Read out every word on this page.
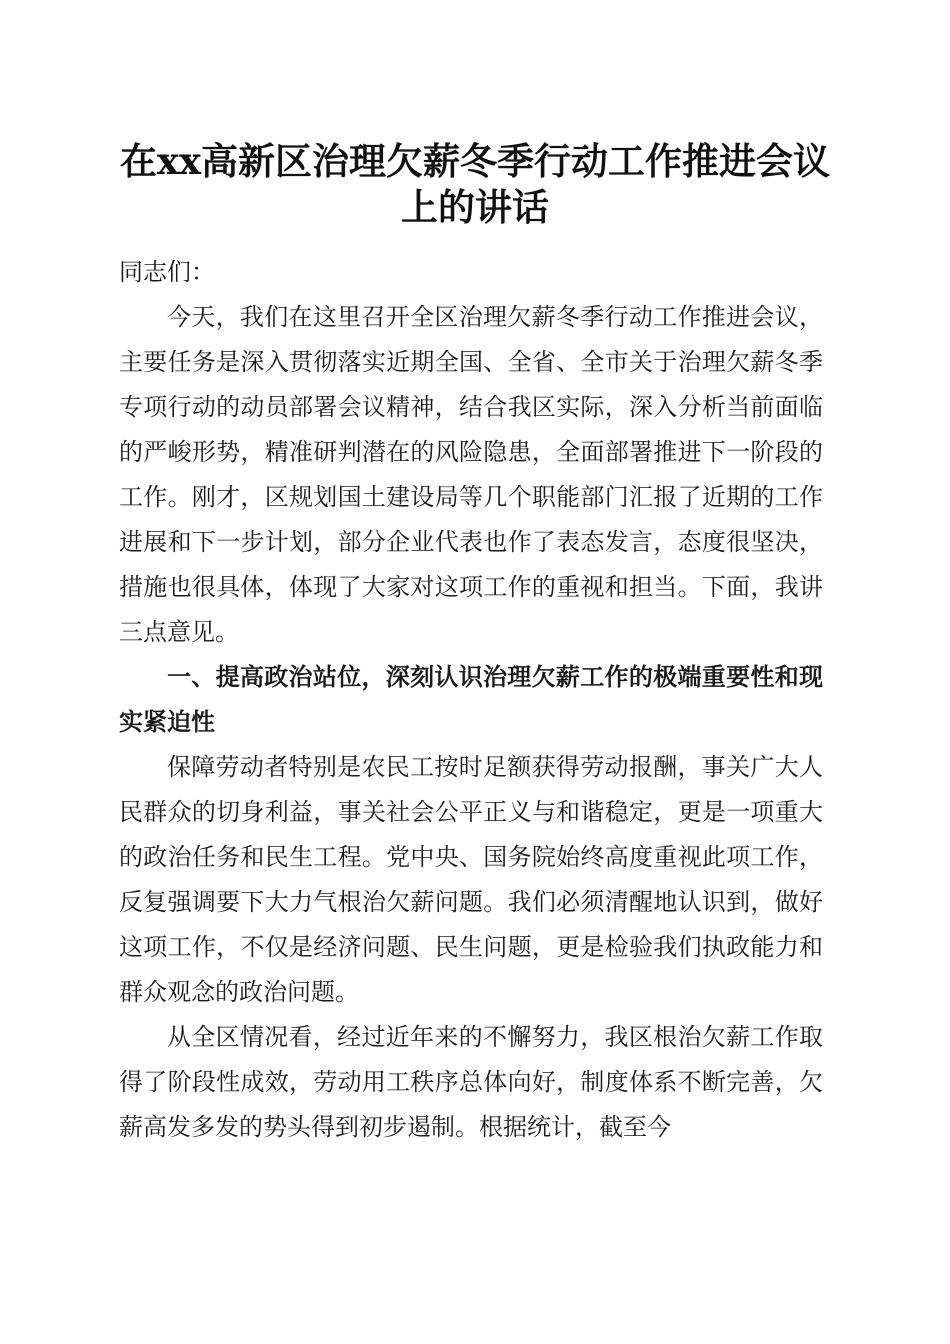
在xx高新区治理欠薪冬季行动工作推进会议上的讲话

同志们：

今天，我们在这里召开全区治理欠薪冬季行动工作推进会议，主要任务是深入贯彻落实近期全国、全省、全市关于治理欠薪冬季专项行动的动员部署会议精神，结合我区实际，深入分析当前面临的严峻形势，精准研判潜在的风险隐患，全面部署推进下一阶段的工作。刚才，区规划国土建设局等几个职能部门汇报了近期的工作进展和下一步计划，部分企业代表也作了表态发言，态度很坚决，措施也很具体，体现了大家对这项工作的重视和担当。下面，我讲三点意见。

一、提高政治站位，深刻认识治理欠薪工作的极端重要性和现实紧迫性

保障劳动者特别是农民工按时足额获得劳动报酬，事关广大人民群众的切身利益，事关社会公平正义与和谐稳定，更是一项重大的政治任务和民生工程。党中央、国务院始终高度重视此项工作，反复强调要下大力气根治欠薪问题。我们必须清醒地认识到，做好这项工作，不仅是经济问题、民生问题，更是检验我们执政能力和群众观念的政治问题。

从全区情况看，经过近年来的不懈努力，我区根治欠薪工作取得了阶段性成效，劳动用工秩序总体向好，制度体系不断完善，欠薪高发多发的势头得到初步遏制。根据统计，截至今
